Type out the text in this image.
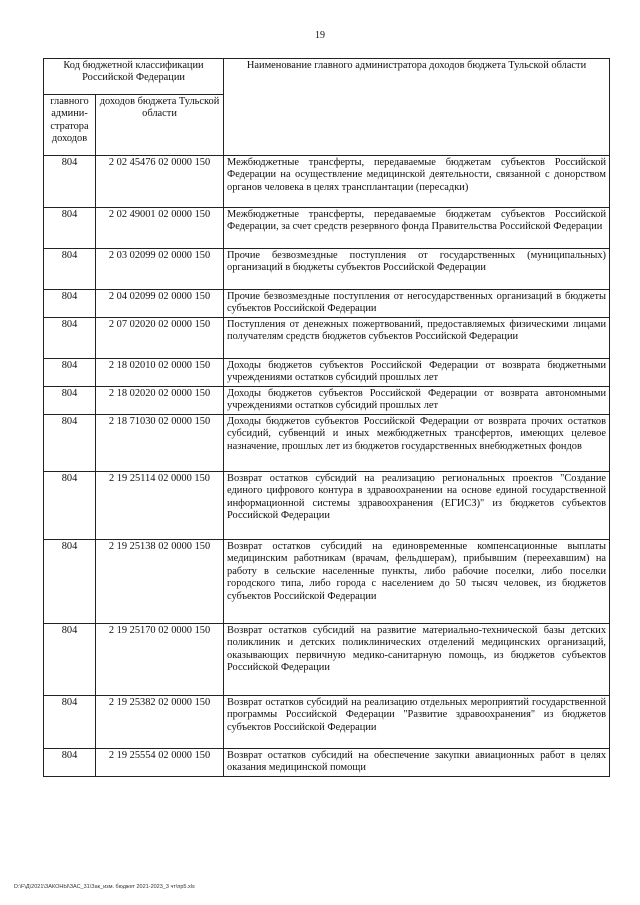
19
Код бюджетной классификации Российской Федерации		Наименование главного администратора доходов бюджета Тульской области
главного админи-стратора доходов	доходов бюджета Тульской области	
804	2 02 45476 02 0000 150	Межбюджетные трансферты, передаваемые бюджетам субъектов Российской Федерации на осуществление медицинской деятельности, связанной с донорством органов человека в целях трансплантации (пересадки)
804	2 02 49001 02 0000 150	Межбюджетные трансферты, передаваемые бюджетам субъектов Российской Федерации, за счет средств резервного фонда Правительства Российской Федерации
804	2 03 02099 02 0000 150	Прочие безвозмездные поступления от государственных (муниципальных) организаций в бюджеты субъектов Российской Федерации
804	2 04 02099 02 0000 150	Прочие безвозмездные поступления от негосударственных организаций в бюджеты субъектов Российской Федерации
804	2 07 02020 02 0000 150	Поступления от денежных пожертвований, предоставляемых физическими лицами получателям средств бюджетов субъектов Российской Федерации
804	2 18 02010 02 0000 150	Доходы бюджетов субъектов Российской Федерации от возврата бюджетными учреждениями остатков субсидий прошлых лет
804	2 18 02020 02 0000 150	Доходы бюджетов субъектов Российской Федерации от возврата автономными учреждениями остатков субсидий прошлых лет
804	2 18 71030 02 0000 150	Доходы бюджетов субъектов Российской Федерации от возврата прочих остатков субсидий, субвенций и иных межбюджетных трансфертов, имеющих целевое назначение, прошлых лет из бюджетов государственных внебюджетных фондов
804	2 19 25114 02 0000 150	Возврат остатков субсидий на реализацию региональных проектов "Создание единого цифрового контура в здравоохранении на основе единой государственной информационной системы здравоохранения (ЕГИСЗ)" из бюджетов субъектов Российской Федерации
804	2 19 25138 02 0000 150	Возврат остатков субсидий на единовременные компенсационные выплаты медицинским работникам (врачам, фельдшерам), прибывшим (переехавшим) на работу в сельские населенные пункты, либо рабочие поселки, либо поселки городского типа, либо города с населением до 50 тысяч человек, из бюджетов субъектов Российской Федерации
804	2 19 25170 02 0000 150	Возврат остатков субсидий на развитие материально-технической базы детских поликлиник и детских поликлинических отделений медицинских организаций, оказывающих первичную медико-санитарную помощь, из бюджетов субъектов Российской Федерации
804	2 19 25382 02 0000 150	Возврат остатков субсидий на реализацию отдельных мероприятий государственной программы Российской Федерации "Развитие здравоохранения" из бюджетов субъектов Российской Федерации
804	2 19 25554 02 0000 150	Возврат остатков субсидий на обеспечение закупки авиационных работ в целях оказания медицинской помощи
D:\F\Д\2021\ЗАКОНЫ\ЗАС_31\Зак_изм. бюджет 2021-2023_3 чт\пр5.xls
